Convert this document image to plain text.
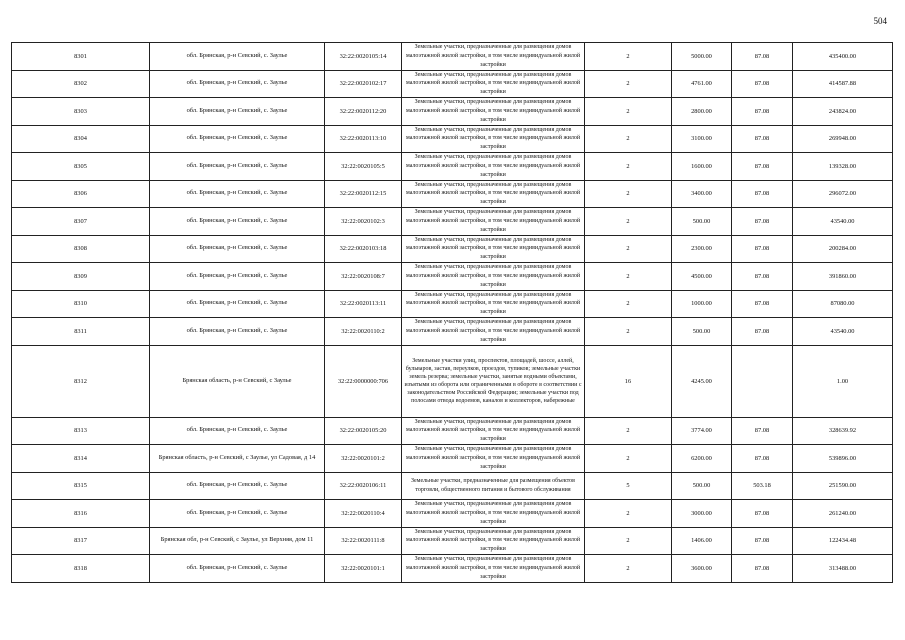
504
8301	обл. Брянская, р-н Севский, с. Заулье	32:22:0020105:14	Земельные участки, предназначенные для размещения домов малоэтажной жилой застройки, в том числе индивидуальной жилой застройки	2	5000.00	87.08	435400.00
8302	обл. Брянская, р-н Севский, с. Заулье	32:22:0020102:17	Земельные участки, предназначенные для размещения домов малоэтажной жилой застройки, в том числе индивидуальной жилой застройки	2	4761.00	87.08	414587.88
8303	обл. Брянская, р-н Севский, с. Заулье	32:22:0020112:20	Земельные участки, предназначенные для размещения домов малоэтажной жилой застройки, в том числе индивидуальной жилой застройки	2	2800.00	87.08	243824.00
8304	обл. Брянская, р-н Севский, с. Заулье	32:22:0020113:10	Земельные участки, предназначенные для размещения домов малоэтажной жилой застройки, в том числе индивидуальной жилой застройки	2	3100.00	87.08	269948.00
8305	обл. Брянская, р-н Севский, с. Заулье	32:22:0020105:5	Земельные участки, предназначенные для размещения домов малоэтажной жилой застройки, в том числе индивидуальной жилой застройки	2	1600.00	87.08	139328.00
8306	обл. Брянская, р-н Севский, с. Заулье	32:22:0020112:15	Земельные участки, предназначенные для размещения домов малоэтажной жилой застройки, в том числе индивидуальной жилой застройки	2	3400.00	87.08	296072.00
8307	обл. Брянская, р-н Севский, с. Заулье	32:22:0020102:3	Земельные участки, предназначенные для размещения домов малоэтажной жилой застройки, в том числе индивидуальной жилой застройки	2	500.00	87.08	43540.00
8308	обл. Брянская, р-н Севский, с. Заулье	32:22:0020103:18	Земельные участки, предназначенные для размещения домов малоэтажной жилой застройки, в том числе индивидуальной жилой застройки	2	2300.00	87.08	200284.00
8309	обл. Брянская, р-н Севский, с. Заулье	32:22:0020108:7	Земельные участки, предназначенные для размещения домов малоэтажной жилой застройки, в том числе индивидуальной жилой застройки	2	4500.00	87.08	391860.00
8310	обл. Брянская, р-н Севский, с. Заулье	32:22:0020113:11	Земельные участки, предназначенные для размещения домов малоэтажной жилой застройки, в том числе индивидуальной жилой застройки	2	1000.00	87.08	87080.00
8311	обл. Брянская, р-н Севский, с. Заулье	32:22:0020110:2	Земельные участки, предназначенные для размещения домов малоэтажной жилой застройки, в том числе индивидуальной жилой застройки	2	500.00	87.08	43540.00
8312	Брянская область, р-н Севский, с Заулье	32:22:0000000:706	Земельные участки улиц, проспектов, площадей, шоссе, аллей, бульваров, застав, переулков, проездов, тупиков; земельные участки земель резерва; земельные участки, занятые водными объектами, изъятыми из оборота или ограниченными в обороте в соответствии с законодательством Российской Федерации; земельные участки под полосами отвода водоемов, каналов и коллекторов, набережные	16	4245.00		1.00
8313	обл. Брянская, р-н Севский, с. Заулье	32:22:0020105:20	Земельные участки, предназначенные для размещения домов малоэтажной жилой застройки, в том числе индивидуальной жилой застройки	2	3774.00	87.08	328639.92
8314	Брянская область, р-н Севский, с Заулье, ул Садовая, д 14	32:22:0020101:2	Земельные участки, предназначенные для размещения домов малоэтажной жилой застройки, в том числе индивидуальной жилой застройки	2	6200.00	87.08	539896.00
8315	обл. Брянская, р-н Севский, с. Заулье	32:22:0020106:11	Земельные участки, предназначенные для размещения объектов торговли, общественного питания и бытового обслуживания	5	500.00	503.18	251590.00
8316	обл. Брянская, р-н Севский, с. Заулье	32:22:0020110:4	Земельные участки, предназначенные для размещения домов малоэтажной жилой застройки, в том числе индивидуальной жилой застройки	2	3000.00	87.08	261240.00
8317	Брянская обл, р-н Севский, с Заулье, ул Верхняя, дом 11	32:22:0020111:8	Земельные участки, предназначенные для размещения домов малоэтажной жилой застройки, в том числе индивидуальной жилой застройки	2	1406.00	87.08	122434.48
8318	обл. Брянская, р-н Севский, с. Заулье	32:22:0020101:1	Земельные участки, предназначенные для размещения домов малоэтажной жилой застройки, в том числе индивидуальной жилой застройки	2	3600.00	87.08	313488.00
